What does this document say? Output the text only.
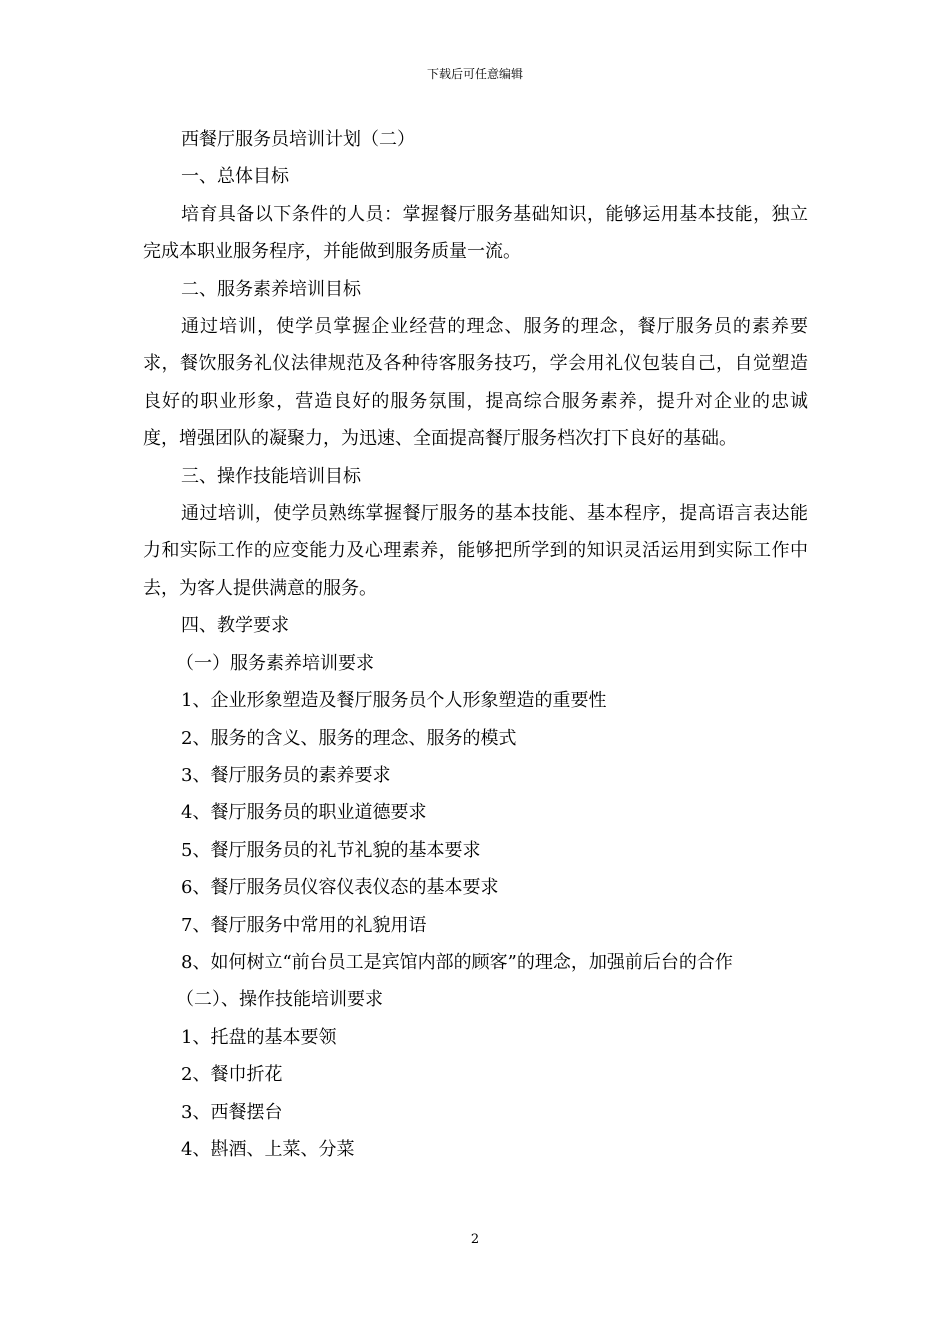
下载后可任意编辑

西餐厅服务员培训计划（二）

一、总体目标

培育具备以下条件的人员：掌握餐厅服务基础知识，能够运用基本技能，独立完成本职业服务程序，并能做到服务质量一流。

二、服务素养培训目标

通过培训，使学员掌握企业经营的理念、服务的理念，餐厅服务员的素养要求，餐饮服务礼仪法律规范及各种待客服务技巧，学会用礼仪包装自己，自觉塑造良好的职业形象，营造良好的服务氛围，提高综合服务素养，提升对企业的忠诚度，增强团队的凝聚力，为迅速、全面提高餐厅服务档次打下良好的基础。

三、操作技能培训目标

通过培训，使学员熟练掌握餐厅服务的基本技能、基本程序，提高语言表达能力和实际工作的应变能力及心理素养，能够把所学到的知识灵活运用到实际工作中去，为客人提供满意的服务。

四、教学要求

（一）服务素养培训要求

1、企业形象塑造及餐厅服务员个人形象塑造的重要性

2、服务的含义、服务的理念、服务的模式

3、餐厅服务员的素养要求

4、餐厅服务员的职业道德要求

5、餐厅服务员的礼节礼貌的基本要求

6、餐厅服务员仪容仪表仪态的基本要求

7、餐厅服务中常用的礼貌用语

8、如何树立“前台员工是宾馆内部的顾客”的理念，加强前后台的合作

（二）、操作技能培训要求

1、托盘的基本要领

2、餐巾折花

3、西餐摆台

4、斟酒、上菜、分菜

2
